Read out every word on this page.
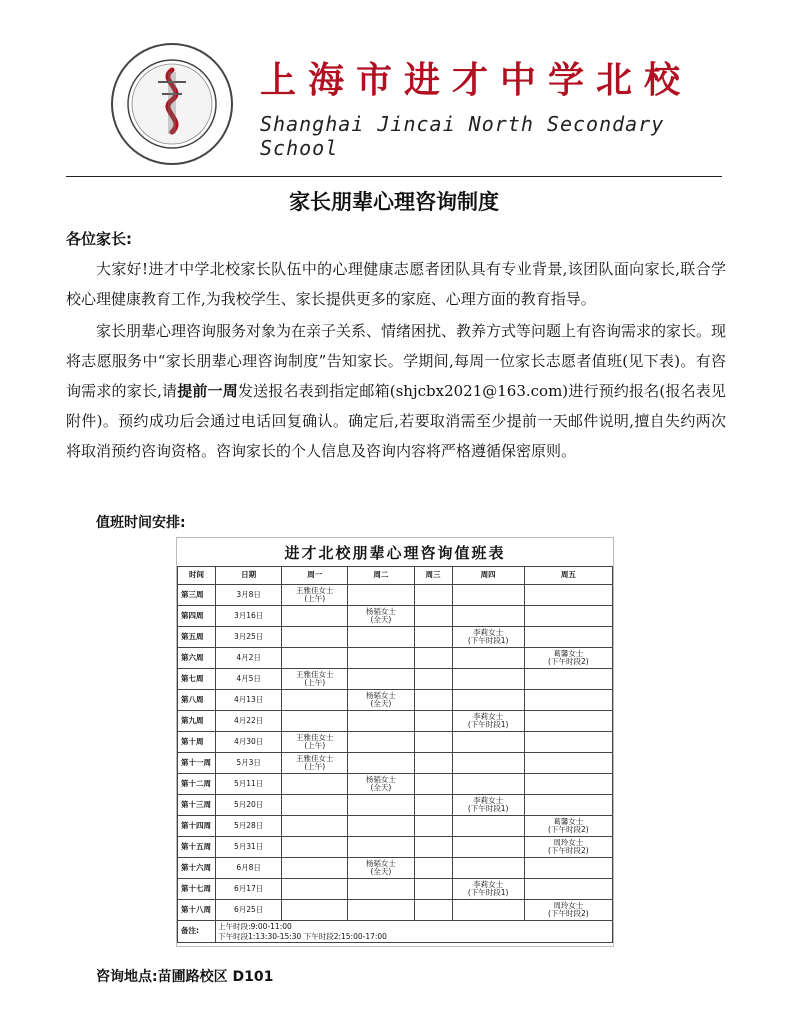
上海市进才中学北校
Shanghai Jincai North Secondary School
家长朋辈心理咨询制度
各位家长:
大家好!进才中学北校家长队伍中的心理健康志愿者团队具有专业背景,该团队面向家长,联合学校心理健康教育工作,为我校学生、家长提供更多的家庭、心理方面的教育指导。
家长朋辈心理咨询服务对象为在亲子关系、情绪困扰、教养方式等问题上有咨询需求的家长。现将志愿服务中“家长朋辈心理咨询制度”告知家长。学期间,每周一位家长志愿者值班(见下表)。有咨询需求的家长,请提前一周发送报名表到指定邮箱(shjcbx2021@163.com)进行预约报名(报名表见附件)。预约成功后会通过电话回复确认。确定后,若要取消需至少提前一天邮件说明,擅自失约两次将取消预约咨询资格。咨询家长的个人信息及咨询内容将严格遵循保密原则。
值班时间安排:
进才北校朋辈心理咨询值班表
时间	日期	周一	周二	周三	周四	周五
第三周	3月8日	王雅佳女士
(上午)				
第四周	3月16日		杨韬女士
(全天)			
第五周	3月25日				李莉女士
(下午时段1)	
第六周	4月2日					葛馨女士
(下午时段2)
第七周	4月5日	王雅佳女士
(上午)				
第八周	4月13日		杨韬女士
(全天)			
第九周	4月22日				李莉女士
(下午时段1)	
第十周	4月30日	王雅佳女士
(上午)				
第十一周	5月3日	王雅佳女士
(上午)				
第十二周	5月11日		杨韬女士
(全天)			
第十三周	5月20日				李莉女士
(下午时段1)	
第十四周	5月28日					葛馨女士
(下午时段2)
第十五周	5月31日					周玲女士
(下午时段2)
第十六周	6月8日		杨韬女士
(全天)			
第十七周	6月17日				李莉女士
(下午时段1)	
第十八周	6月25日					周玲女士
(下午时段2)
备注:	上午时段:9:00-11:00
下午时段1:13:30-15:30 下午时段2:15:00-17:00					
咨询地点:苗圃路校区 D101
